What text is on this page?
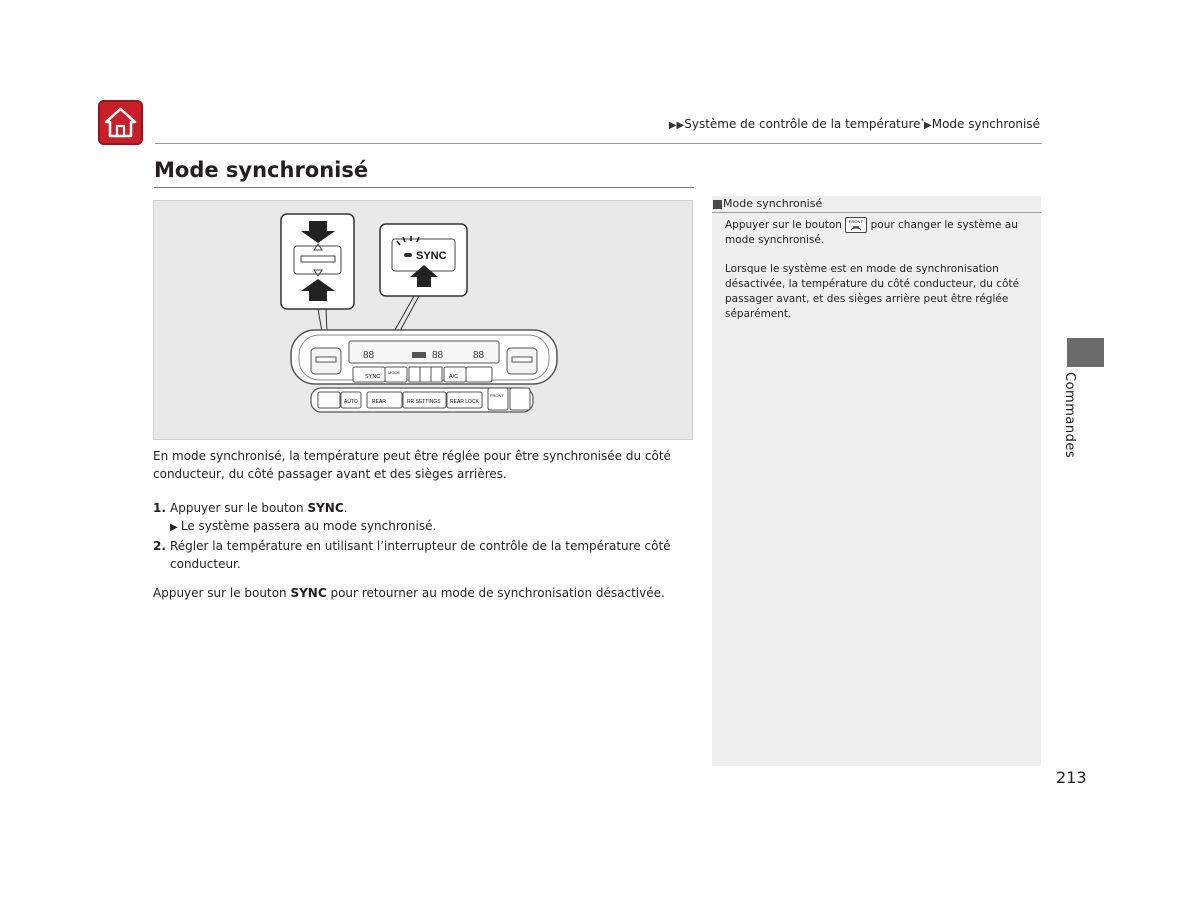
▶▶Système de contrôle de la température*▶Mode synchronisé
Mode synchronisé
SYNC
88	88	88
SYNC
MODE
A/C
AUTO	REAR	RR SETTINGS REAR LOCK
FRONT

En mode synchronisé, la température peut être réglée pour être synchronisée du côté conducteur, du côté passager avant et des sièges arrières.

1. Appuyer sur le bouton SYNC.
▶ Le système passera au mode synchronisé.
2. Régler la température en utilisant l’interrupteur de contrôle de la température côté conducteur.

Appuyer sur le bouton SYNC pour retourner au mode de synchronisation désactivée.

Mode synchronisé
Appuyer sur le bouton FRONT pour changer le système au mode synchronisé.
Lorsque le système est en mode de synchronisation désactivée, la température du côté conducteur, du côté passager avant, et des sièges arrière peut être réglée séparément.
Commandes
213
